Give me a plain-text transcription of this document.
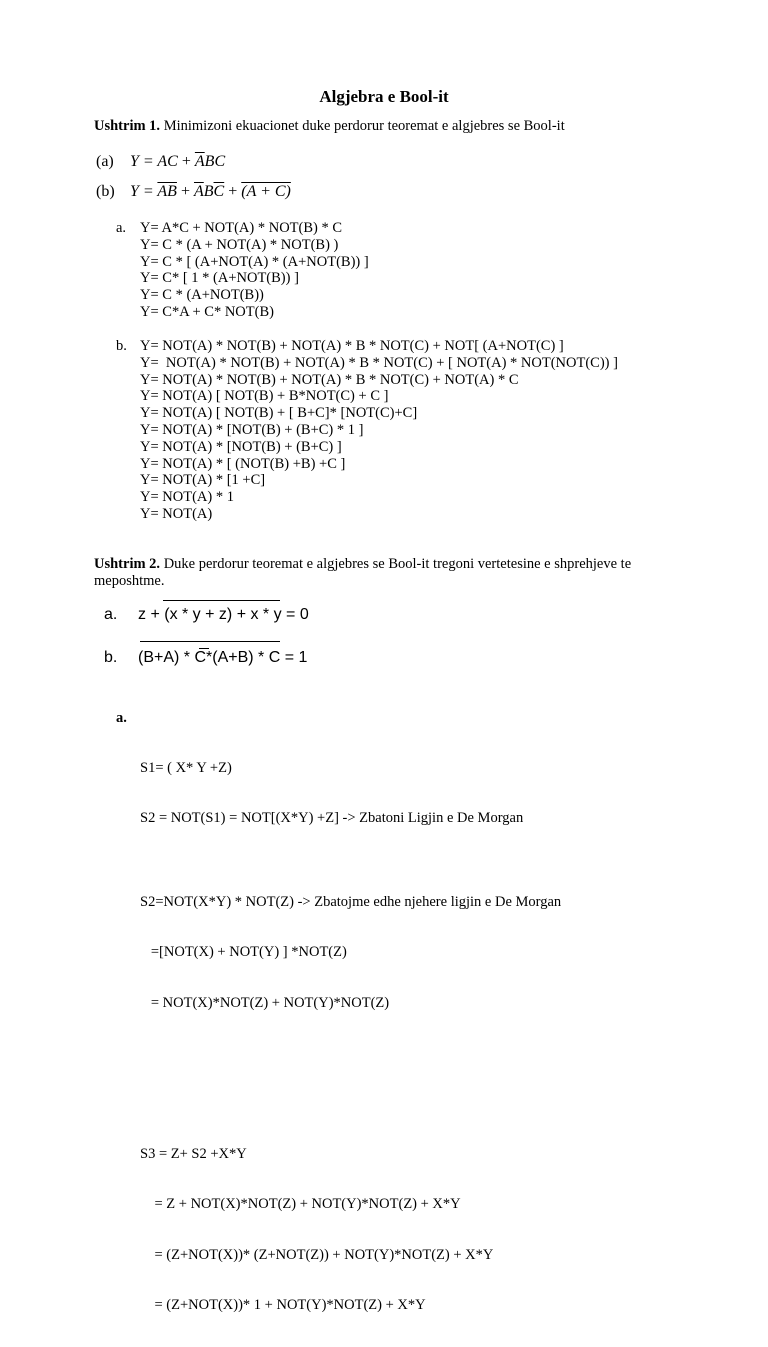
Algjebra e Bool-it
Ushtrim 1. Minimizoni ekuacionet duke perdorur teoremat e algjebres se Bool-it
(a) Y = AC + $\overline{A}BC$
(b) $Y = \overline{AB} + \overline{A}B\overline{C} + (A + C)$
a. Y= A*C + NOT(A) * NOT(B) * C
Y= C * (A + NOT(A) * NOT(B) )
Y= C * [ (A+NOT(A) * (A+NOT(B)) ]
Y= C* [ 1 * (A+NOT(B)) ]
Y= C * (A+NOT(B))
Y= C*A + C* NOT(B)
b. Y= NOT(A) * NOT(B) + NOT(A) * B * NOT(C) + NOT[ (A+NOT(C) ]
Y=  NOT(A) * NOT(B) + NOT(A) * B * NOT(C) + [ NOT(A) * NOT(NOT(C)) ]
Y= NOT(A) * NOT(B) + NOT(A) * B * NOT(C) + NOT(A) * C
Y= NOT(A) [ NOT(B) + B*NOT(C) + C ]
Y= NOT(A) [ NOT(B) + [ B+C]* [NOT(C)+C]
Y= NOT(A) * [NOT(B) + (B+C) * 1 ]
Y= NOT(A) * [NOT(B) + (B+C) ]
Y= NOT(A) * [ (NOT(B) +B) +C ]
Y= NOT(A) * [1 +C]
Y= NOT(A) * 1
Y= NOT(A)
Ushtrim 2. Duke perdorur teoremat e algjebres se Bool-it tregoni vertetesine e shprehjeve te meposhtme.
a. z + (x * y + z) + x * y = 0
b. (B+A) * C*(A+B) * C = 1
a.

S1= ( X* Y +Z)

S2 = NOT(S1) = NOT[(X*Y) +Z] -> Zbatoni Ligjin e De Morgan

S2=NOT(X*Y) * NOT(Z) -> Zbatojme edhe njehere ligjin e De Morgan

=[NOT(X) + NOT(Y) ] *NOT(Z)

= NOT(X)*NOT(Z) + NOT(Y)*NOT(Z)

S3 = Z+ S2 +X*Y

= Z + NOT(X)*NOT(Z) + NOT(Y)*NOT(Z) + X*Y

= (Z+NOT(X))* (Z+NOT(Z)) + NOT(Y)*NOT(Z) + X*Y

= (Z+NOT(X))* 1 + NOT(Y)*NOT(Z) + X*Y
